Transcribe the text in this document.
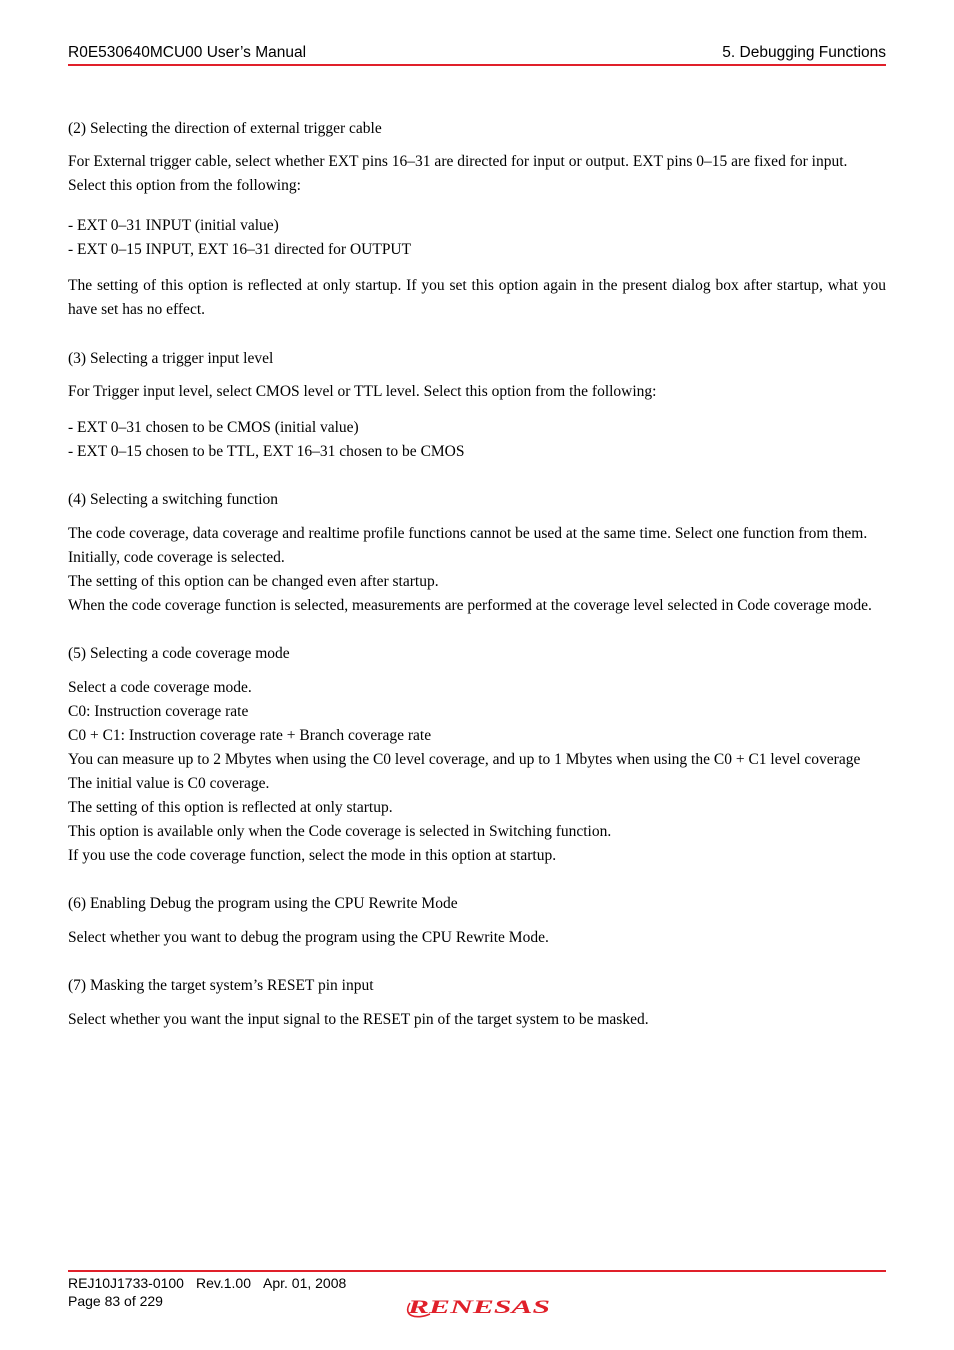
R0E530640MCU00 User’s Manual	5. Debugging Functions

(2) Selecting the direction of external trigger cable

For External trigger cable, select whether EXT pins 16–31 are directed for input or output. EXT pins 0–15 are fixed for input.

Select this option from the following:

- EXT 0–31 INPUT (initial value)

- EXT 0–15 INPUT, EXT 16–31 directed for OUTPUT

The setting of this option is reflected at only startup. If you set this option again in the present dialog box after startup, what you have set has no effect.

(3) Selecting a trigger input level

For Trigger input level, select CMOS level or TTL level. Select this option from the following:

- EXT 0–31 chosen to be CMOS (initial value)

- EXT 0–15 chosen to be TTL, EXT 16–31 chosen to be CMOS

(4) Selecting a switching function

The code coverage, data coverage and realtime profile functions cannot be used at the same time. Select one function from them.

Initially, code coverage is selected.

The setting of this option can be changed even after startup.

When the code coverage function is selected, measurements are performed at the coverage level selected in Code coverage mode.

(5) Selecting a code coverage mode

Select a code coverage mode.

C0: Instruction coverage rate

C0 + C1: Instruction coverage rate + Branch coverage rate

You can measure up to 2 Mbytes when using the C0 level coverage, and up to 1 Mbytes when using the C0 + C1 level coverage

The initial value is C0 coverage.

The setting of this option is reflected at only startup.

This option is available only when the Code coverage is selected in Switching function.

If you use the code coverage function, select the mode in this option at startup.

(6) Enabling Debug the program using the CPU Rewrite Mode

Select whether you want to debug the program using the CPU Rewrite Mode.

(7) Masking the target system’s RESET pin input

Select whether you want the input signal to the RESET pin of the target system to be masked.

REJ10J1733-0100 Rev.1.00 Apr. 01, 2008
Page 83 of 229	RENESAS
